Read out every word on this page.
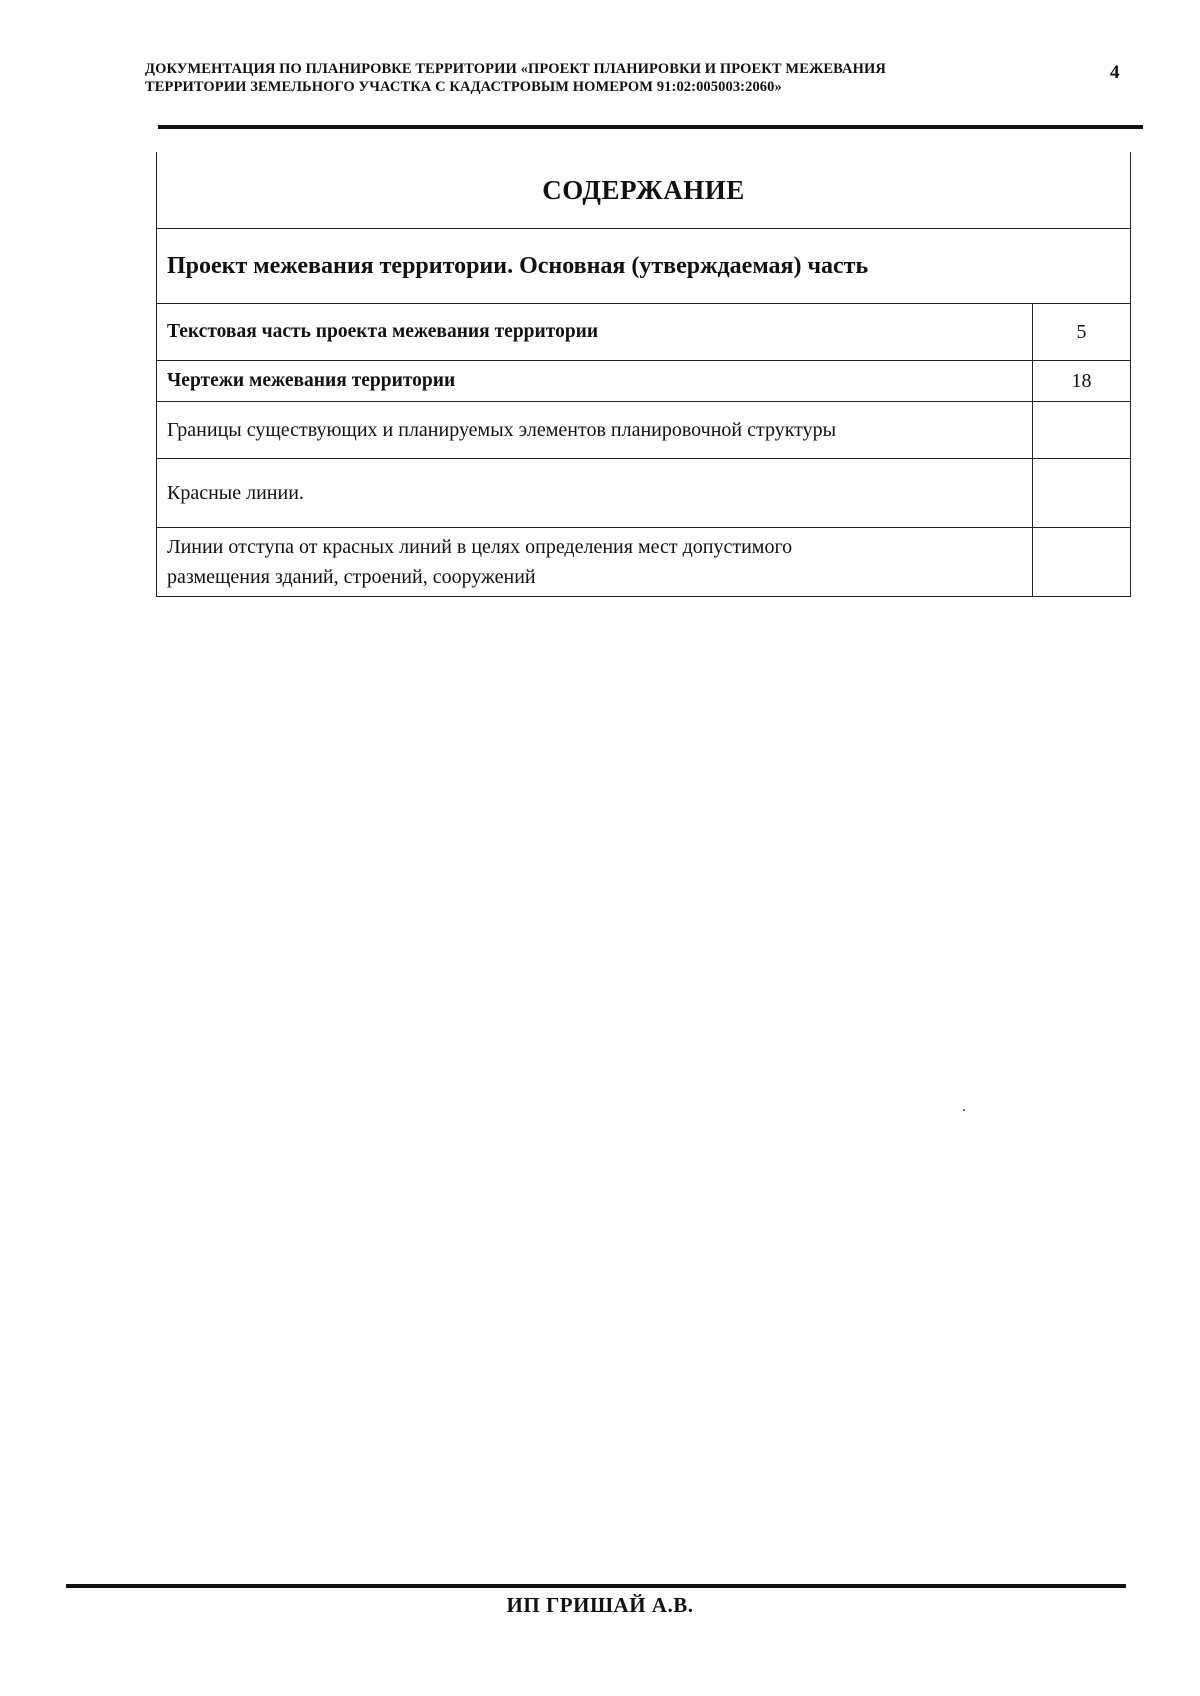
ДОКУМЕНТАЦИЯ ПО ПЛАНИРОВКЕ ТЕРРИТОРИИ «ПРОЕКТ ПЛАНИРОВКИ И ПРОЕКТ МЕЖЕВАНИЯ
ТЕРРИТОРИИ ЗЕМЕЛЬНОГО УЧАСТКА С КАДАСТРОВЫМ НОМЕРОМ 91:02:005003:2060»
4
СОДЕРЖАНИЕ	
Проект межевания территории. Основная (утверждаемая) часть	
Текстовая часть проекта межевания территории	5
Чертежи межевания территории	18
Границы существующих и планируемых элементов планировочной структуры	
Красные линии.	

Линии отступа от красных линий в целях определения мест допустимого
размещения зданий, строений, сооружений	

ИП ГРИШАЙ А.В.
